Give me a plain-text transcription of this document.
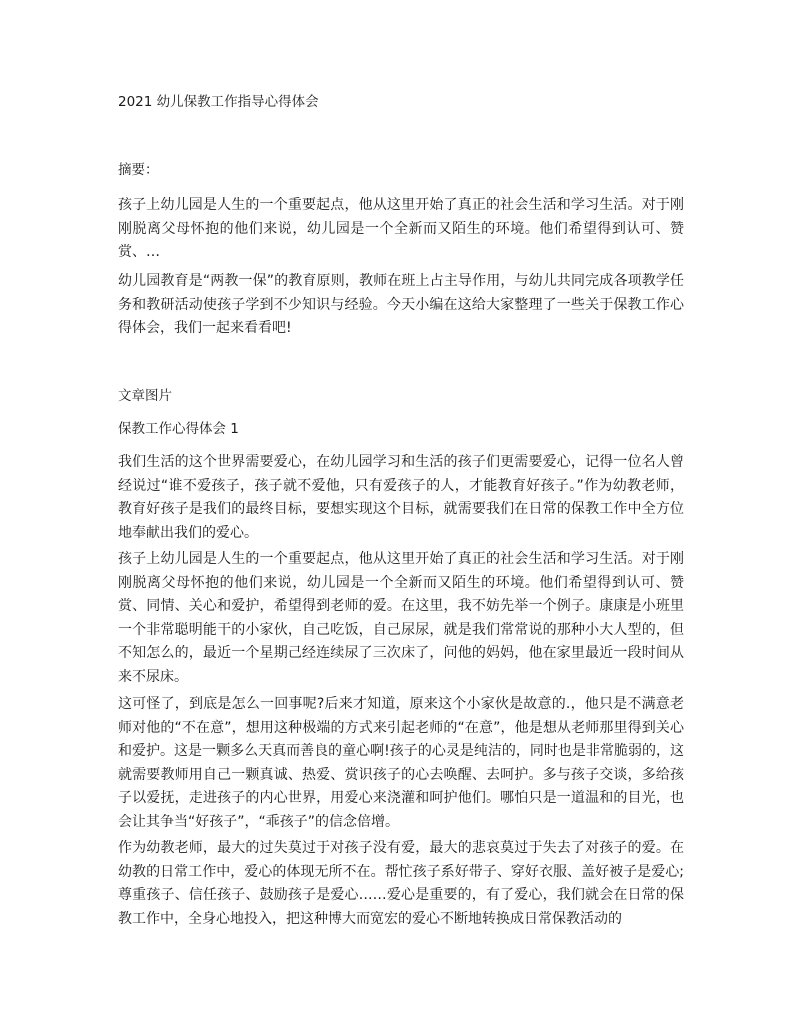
2021 幼儿保教工作指导心得体会
摘要：

孩子上幼儿园是人生的一个重要起点，他从这里开始了真正的社会生活和学习生活。对于刚刚脱离父母怀抱的他们来说，幼儿园是一个全新而又陌生的环境。他们希望得到认可、赞赏、…

幼儿园教育是“两教一保”的教育原则，教师在班上占主导作用，与幼儿共同完成各项教学任务和教研活动使孩子学到不少知识与经验。今天小编在这给大家整理了一些关于保教工作心得体会，我们一起来看看吧!

文章图片
保教工作心得体会 1

我们生活的这个世界需要爱心，在幼儿园学习和生活的孩子们更需要爱心，记得一位名人曾经说过“谁不爱孩子，孩子就不爱他，只有爱孩子的人，才能教育好孩子。”作为幼教老师，教育好孩子是我们的最终目标，要想实现这个目标，就需要我们在日常的保教工作中全方位地奉献出我们的爱心。

孩子上幼儿园是人生的一个重要起点，他从这里开始了真正的社会生活和学习生活。对于刚刚脱离父母怀抱的他们来说，幼儿园是一个全新而又陌生的环境。他们希望得到认可、赞赏、同情、关心和爱护，希望得到老师的爱。在这里，我不妨先举一个例子。康康是小班里一个非常聪明能干的小家伙，自己吃饭，自己尿尿，就是我们常常说的那种小大人型的，但不知怎么的，最近一个星期己经连续尿了三次床了，问他的妈妈，他在家里最近一段时间从来不尿床。

这可怪了，到底是怎么一回事呢?后来才知道，原来这个小家伙是故意的.，他只是不满意老师对他的“不在意”，想用这种极端的方式来引起老师的“在意”，他是想从老师那里得到关心和爱护。这是一颗多么天真而善良的童心啊!孩子的心灵是纯洁的，同时也是非常脆弱的，这就需要教师用自己一颗真诚、热爱、赏识孩子的心去唤醒、去呵护。多与孩子交谈，多给孩子以爱抚，走进孩子的内心世界，用爱心来浇灌和呵护他们。哪怕只是一道温和的目光，也会让其争当“好孩子”，“乖孩子”的信念倍增。

作为幼教老师，最大的过失莫过于对孩子没有爱，最大的悲哀莫过于失去了对孩子的爱。在幼教的日常工作中，爱心的体现无所不在。帮忙孩子系好带子、穿好衣服、盖好被子是爱心;尊重孩子、信任孩子、鼓励孩子是爱心……爱心是重要的，有了爱心，我们就会在日常的保教工作中，全身心地投入，把这种博大而宽宏的爱心不断地转换成日常保教活动的
